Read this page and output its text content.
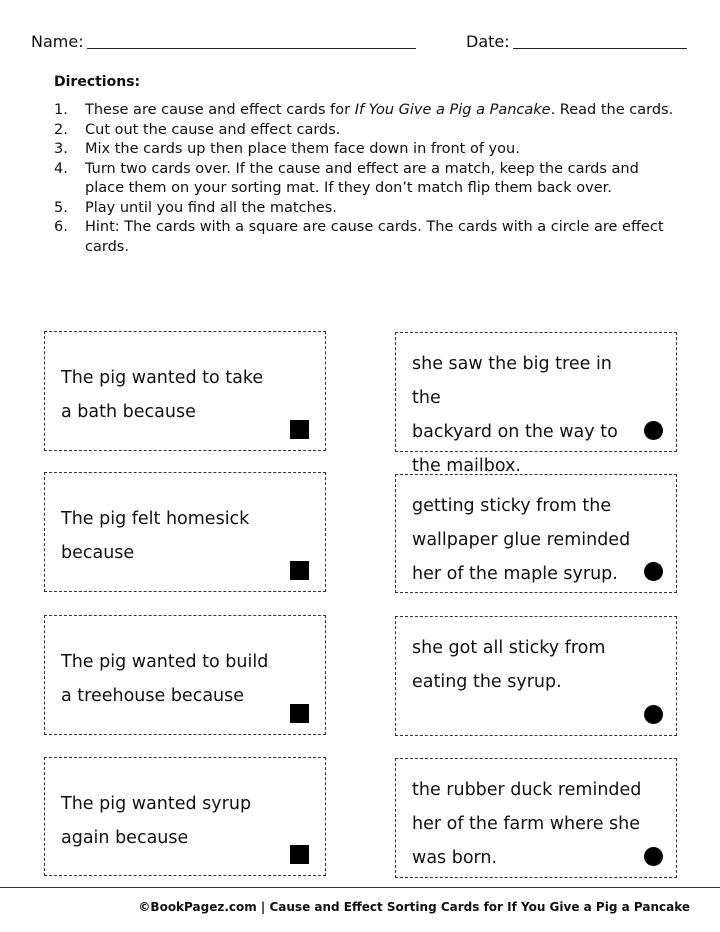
Name:	Date:
Directions:
1. These are cause and effect cards for If You Give a Pig a Pancake. Read the cards.
2. Cut out the cause and effect cards.
3. Mix the cards up then place them face down in front of you.
4. Turn two cards over. If the cause and effect are a match, keep the cards and place them on your sorting mat. If they don’t match flip them back over.
5. Play until you find all the matches.
6. Hint: The cards with a square are cause cards. The cards with a circle are effect cards.
The pig wanted to take
a bath because
The pig felt homesick
because
The pig wanted to build
a treehouse because
The pig wanted syrup
again because
she saw the big tree in the
backyard on the way to
the mailbox.
getting sticky from the
wallpaper glue reminded
her of the maple syrup.
she got all sticky from
eating the syrup.
the rubber duck reminded
her of the farm where she
was born.
©BookPagez.com | Cause and Effect Sorting Cards for If You Give a Pig a Pancake
